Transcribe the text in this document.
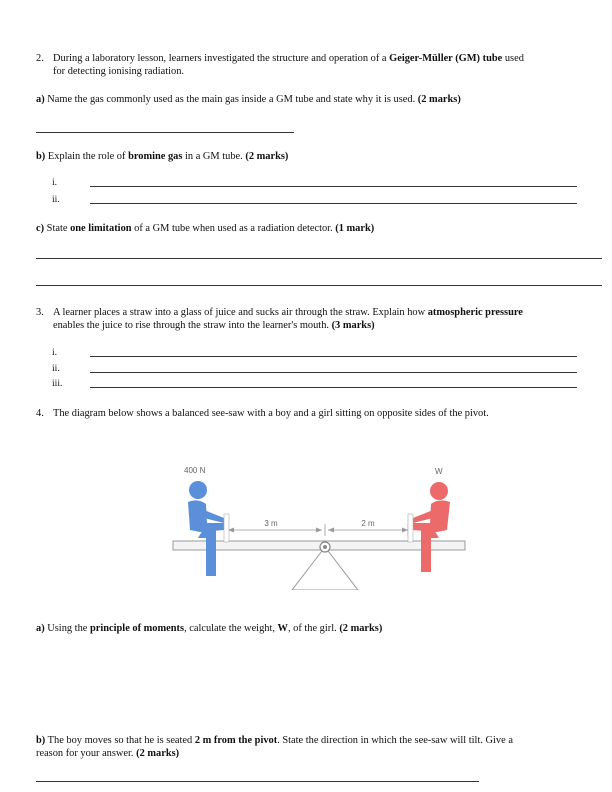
2. During a laboratory lesson, learners investigated the structure and operation of a Geiger-Müller (GM) tube used
for detecting ionising radiation.
a) Name the gas commonly used as the main gas inside a GM tube and state why it is used. (2 marks)
b) Explain the role of bromine gas in a GM tube. (2 marks)
i.
ii.
c) State one limitation of a GM tube when used as a radiation detector. (1 mark)
3. A learner places a straw into a glass of juice and sucks air through the straw. Explain how atmospheric pressure
enables the juice to rise through the straw into the learner's mouth. (3 marks)
i.
ii.
iii.
4. The diagram below shows a balanced see-saw with a boy and a girl sitting on opposite sides of the pivot.
400 N	W
3 m	2 m
a) Using the principle of moments, calculate the weight, W, of the girl. (2 marks)
b) The boy moves so that he is seated 2 m from the pivot. State the direction in which the see-saw will tilt. Give a
reason for your answer. (2 marks)
